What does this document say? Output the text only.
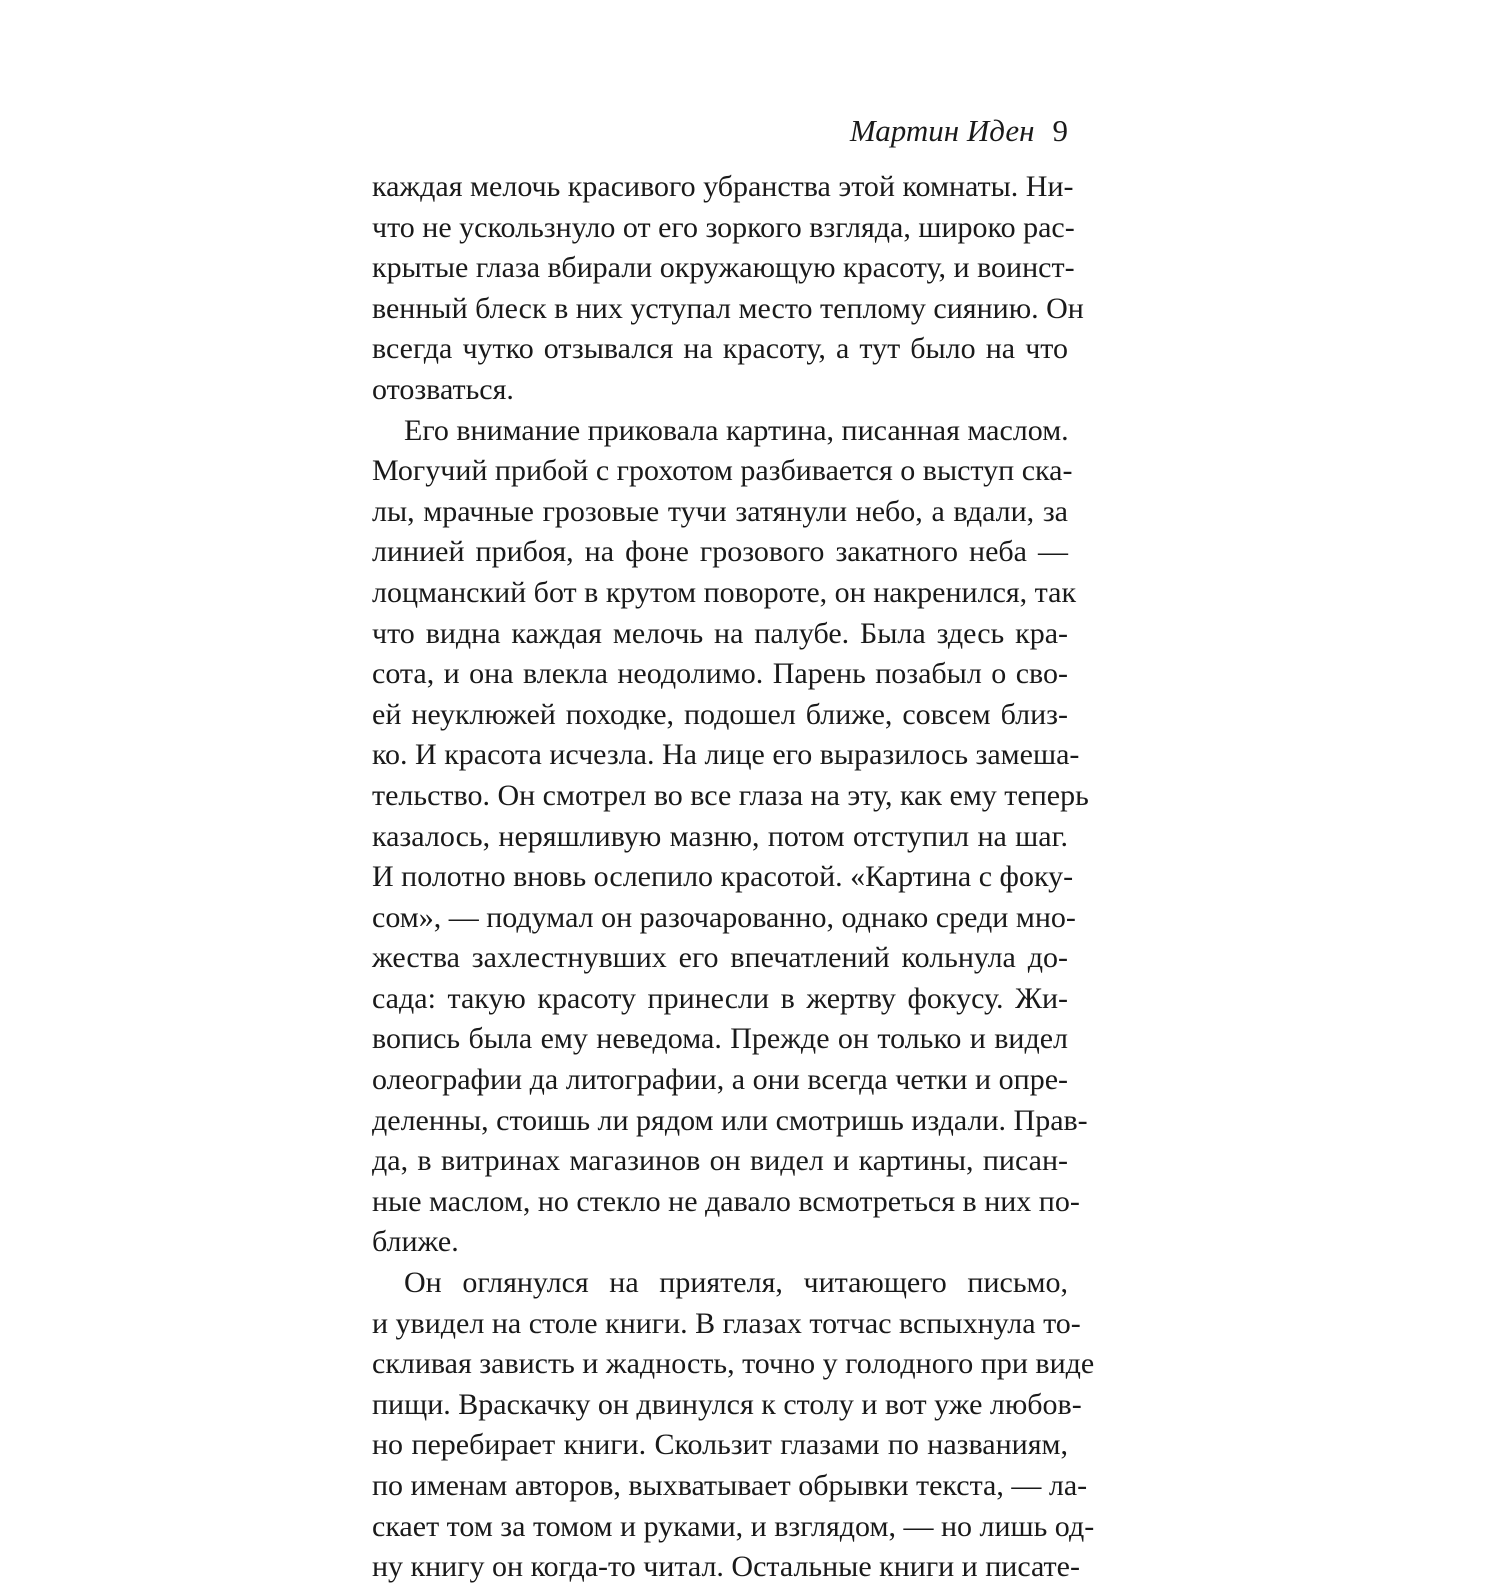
Мартин Иден 9
каждая мелочь красивого убранства этой комнаты. Ни-
что не ускользнуло от его зоркого взгляда, широко рас-
крытые глаза вбирали окружающую красоту, и воинст-
венный блеск в них уступал место теплому сиянию. Он
всегда чутко отзывался на красоту, а тут было на что
отозваться.
Его внимание приковала картина, писанная маслом.
Могучий прибой с грохотом разбивается о выступ ска-
лы, мрачные грозовые тучи затянули небо, а вдали, за
линией прибоя, на фоне грозового закатного неба —
лоцманский бот в крутом повороте, он накренился, так
что видна каждая мелочь на палубе. Была здесь кра-
сота, и она влекла неодолимо. Парень позабыл о сво-
ей неуклюжей походке, подошел ближе, совсем близ-
ко. И красота исчезла. На лице его выразилось замеша-
тельство. Он смотрел во все глаза на эту, как ему теперь
казалось, неряшливую мазню, потом отступил на шаг.
И полотно вновь ослепило красотой. «Картина с фоку-
сом», — подумал он разочарованно, однако среди мно-
жества захлестнувших его впечатлений кольнула до-
сада: такую красоту принесли в жертву фокусу. Жи-
вопись была ему неведома. Прежде он только и видел
олеографии да литографии, а они всегда четки и опре-
деленны, стоишь ли рядом или смотришь издали. Прав-
да, в витринах магазинов он видел и картины, писан-
ные маслом, но стекло не давало всмотреться в них по-
ближе.
Он оглянулся на приятеля, читающего письмо,
и увидел на столе книги. В глазах тотчас вспыхнула то-
скливая зависть и жадность, точно у голодного при виде
пищи. Враскачку он двинулся к столу и вот уже любов-
но перебирает книги. Скользит глазами по названиям,
по именам авторов, выхватывает обрывки текста, — ла-
скает том за томом и руками, и взглядом, — но лишь од-
ну книгу он когда-то читал. Остальные книги и писате-
